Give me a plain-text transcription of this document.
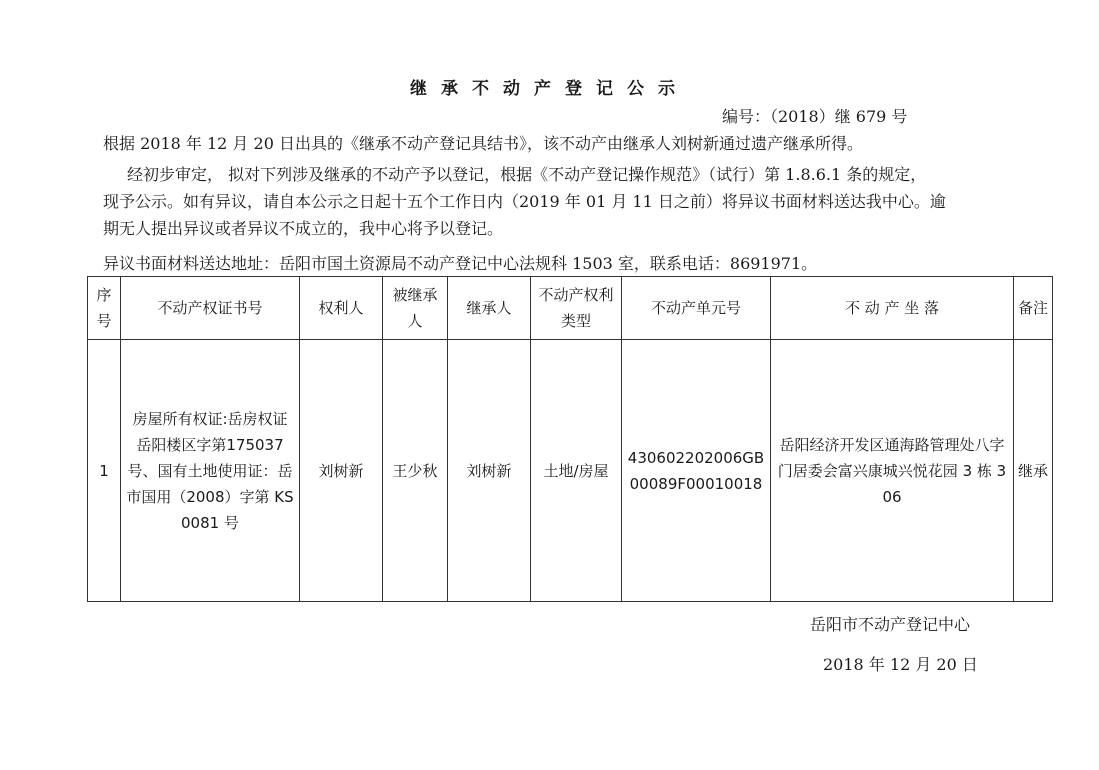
继承不动产登记公示
编号：（2018）继 679 号
根据 2018 年 12 月 20 日出具的《继承不动产登记具结书》，该不动产由继承人刘树新通过遗产继承所得。
经初步审定， 拟对下列涉及继承的不动产予以登记，根据《不动产登记操作规范》（试行）第 1.8.6.1 条的规定，
现予公示。如有异议，请自本公示之日起十五个工作日内（2019 年 01 月 11 日之前）将异议书面材料送达我中心。逾
期无人提出异议或者异议不成立的，我中心将予以登记。
异议书面材料送达地址：岳阳市国土资源局不动产登记中心法规科 1503 室，联系电话：8691971。
序号	不动产权证书号	权利人	被继承人	继承人	不动产权利类型	不动产单元号	不 动 产 坐 落	备注
1	房屋所有权证:岳房权证岳阳楼区字第175037 号、国有土地使用证：岳市国用（2008）字第 KS0081 号	刘树新	王少秋	刘树新	土地/房屋	430602202006GB00089F00010018	岳阳经济开发区通海路管理处八字门居委会富兴康城兴悦花园 3 栋 306	继承
岳阳市不动产登记中心
2018 年 12 月 20 日
